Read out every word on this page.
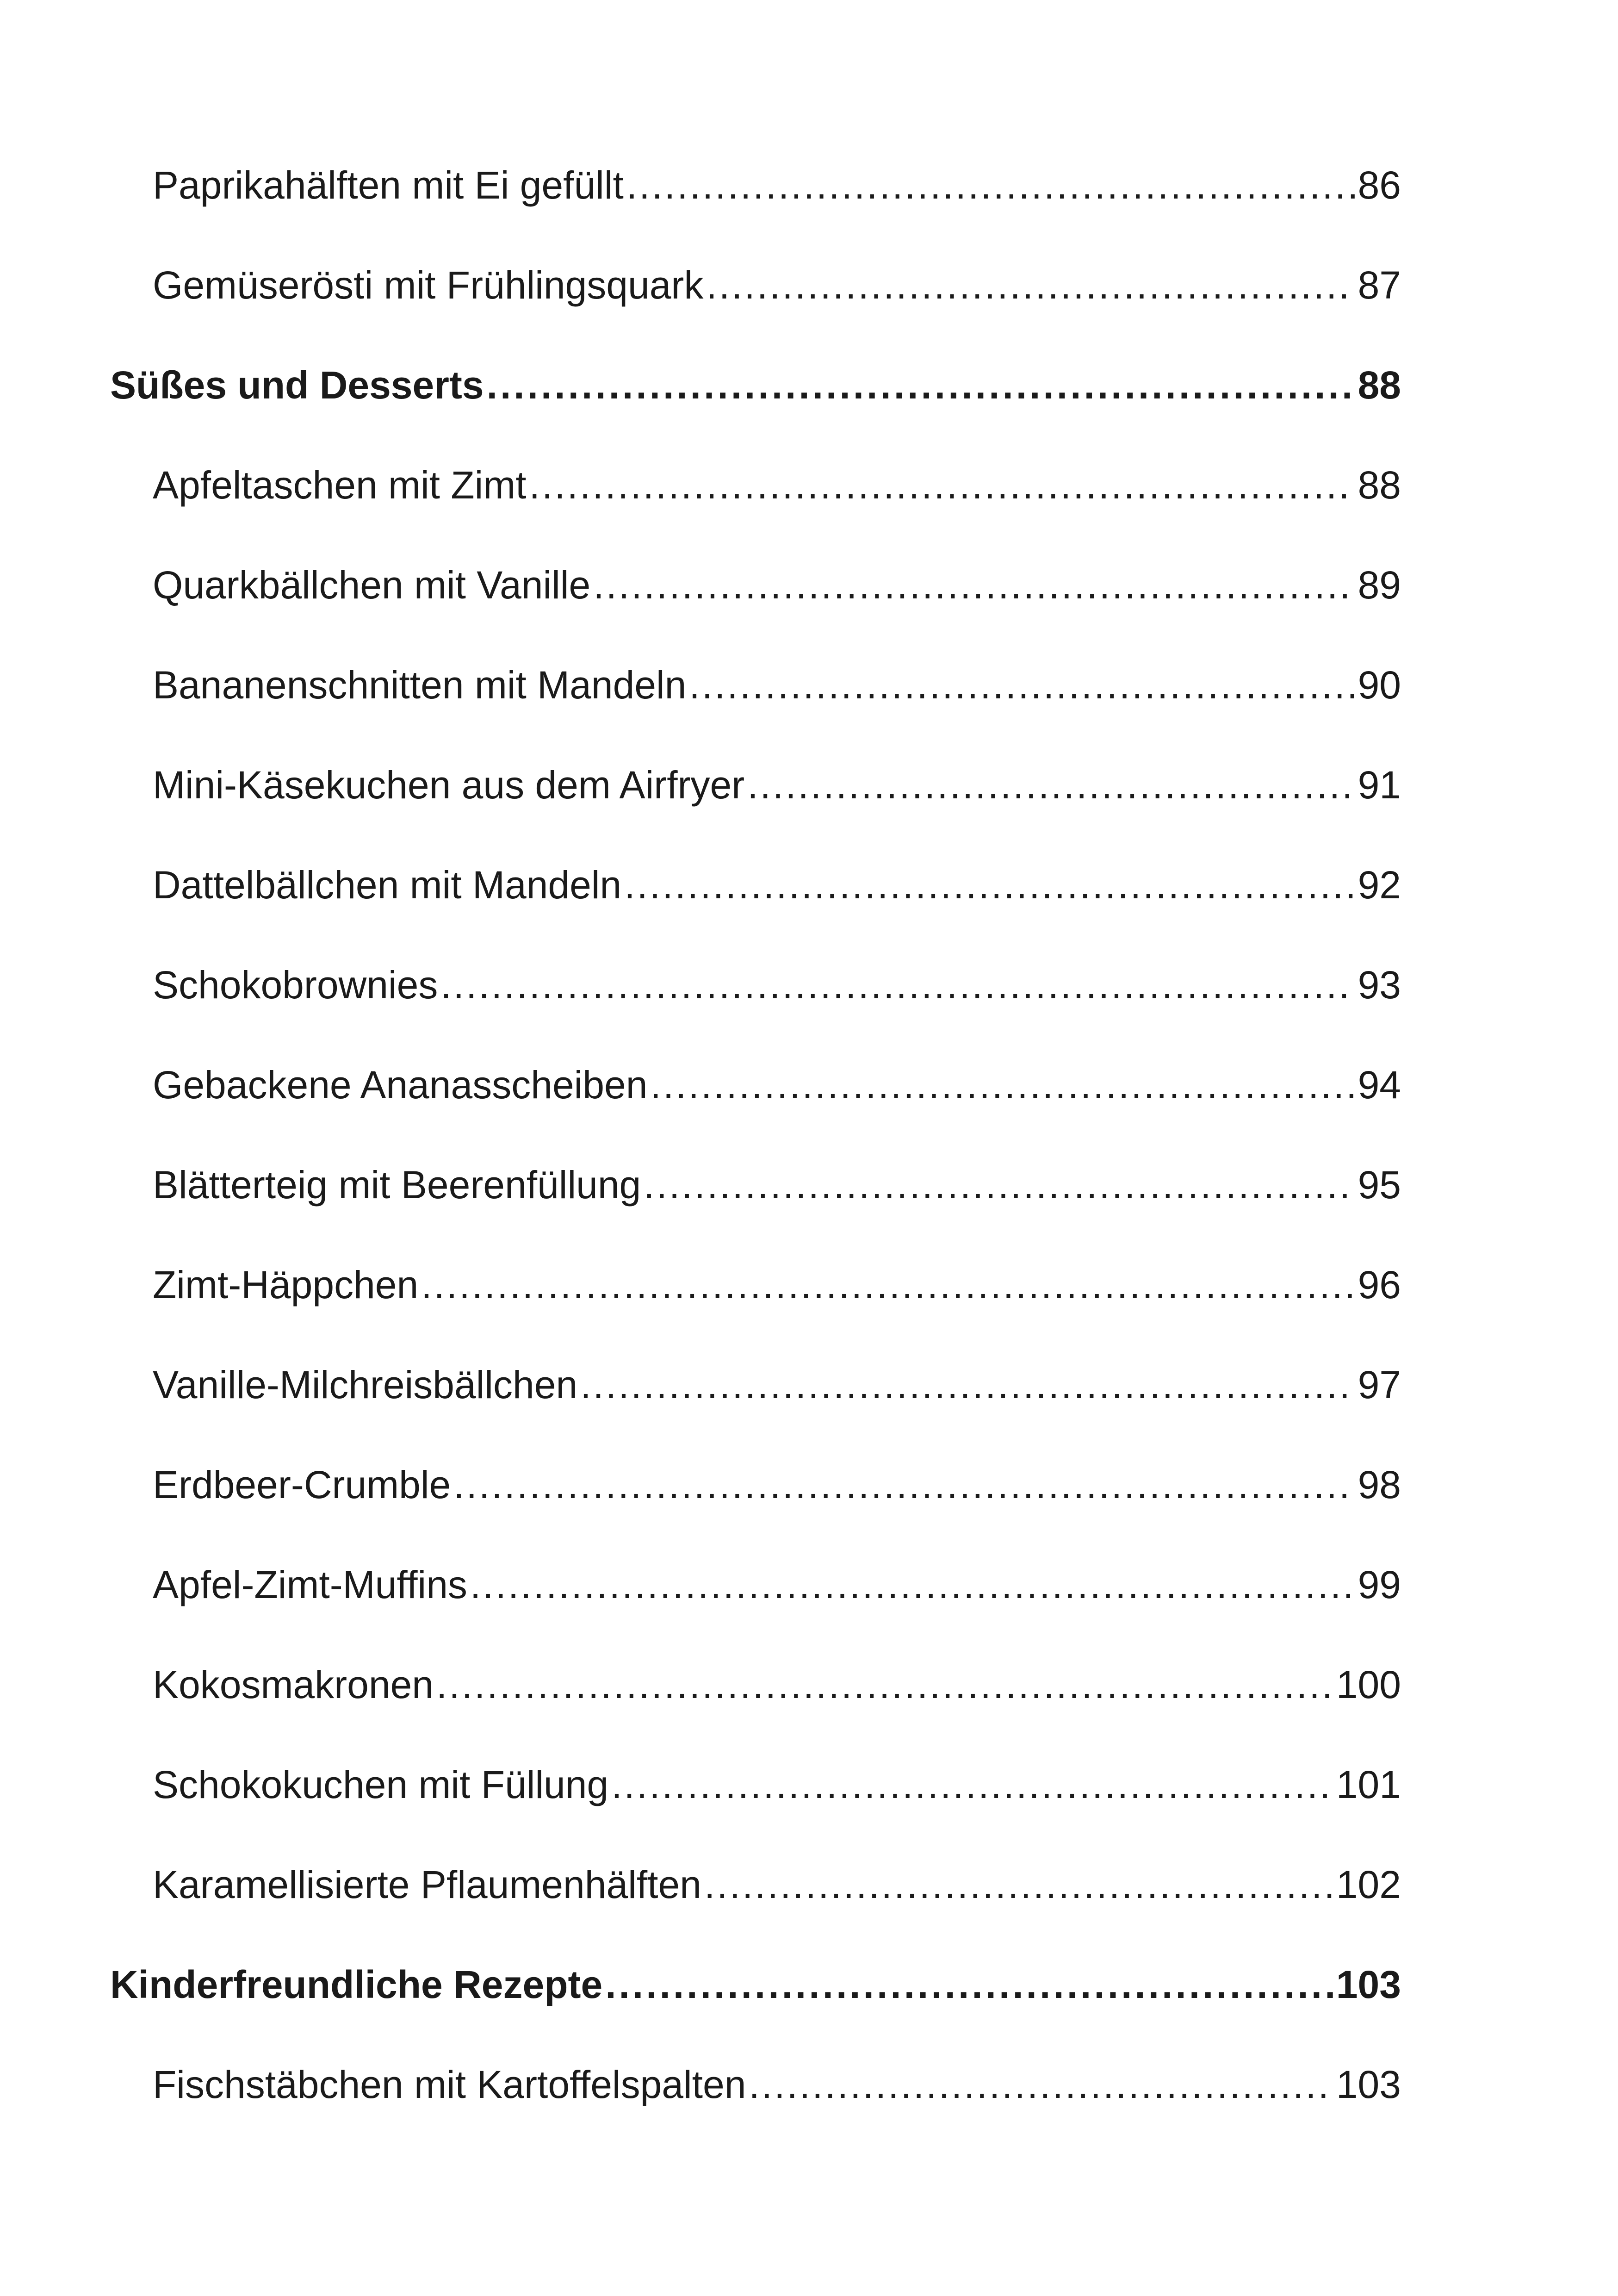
Paprikahälften mit Ei gefüllt .....	86
Gemüserösti mit Frühlingsquark .....	87
Süßes und Desserts .....	88
Apfeltaschen mit Zimt .....	88
Quarkbällchen mit Vanille .....	89
Bananenschnitten mit Mandeln .....	90
Mini-Käsekuchen aus dem Airfryer .....	91
Dattelbällchen mit Mandeln .....	92
Schokobrownies .....	93
Gebackene Ananasscheiben .....	94
Blätterteig mit Beerenfüllung .....	95
Zimt-Häppchen .....	96
Vanille-Milchreisbällchen .....	97
Erdbeer-Crumble .....	98
Apfel-Zimt-Muffins .....	99
Kokosmakronen .....	100
Schokokuchen mit Füllung .....	101
Karamellisierte Pflaumenhälften .....	102
Kinderfreundliche Rezepte .....	103
Fischstäbchen mit Kartoffelspalten .....	103
